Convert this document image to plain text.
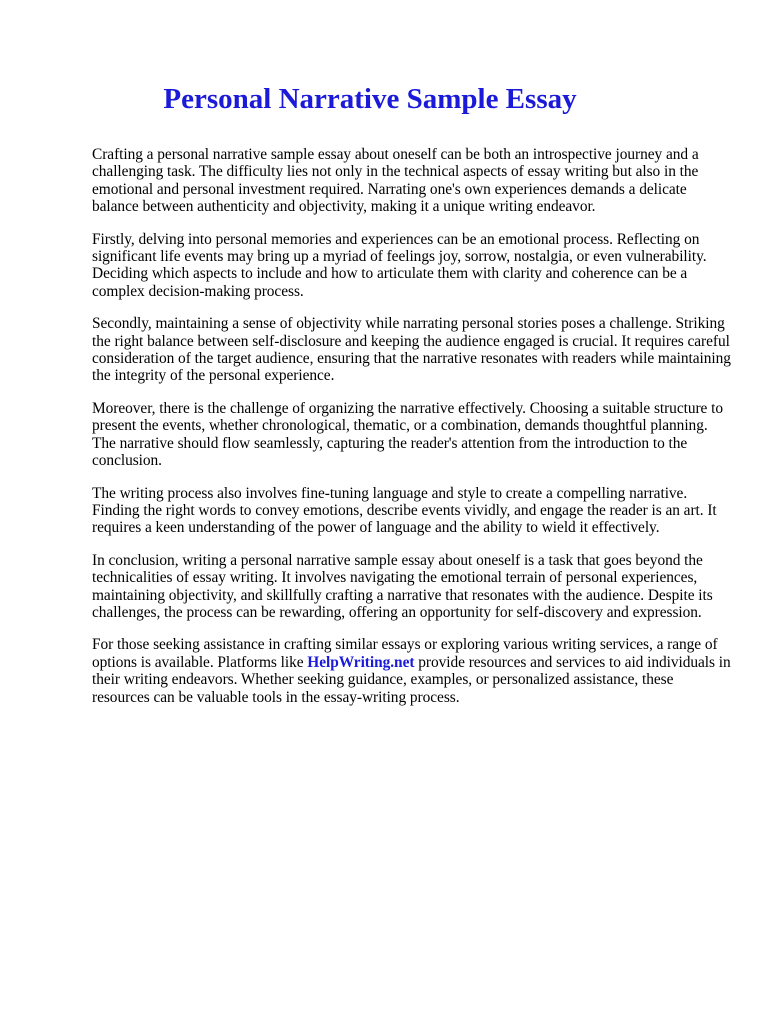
Personal Narrative Sample Essay

Crafting a personal narrative sample essay about oneself can be both an introspective journey and a challenging task. The difficulty lies not only in the technical aspects of essay writing but also in the emotional and personal investment required. Narrating one's own experiences demands a delicate balance between authenticity and objectivity, making it a unique writing endeavor.

Firstly, delving into personal memories and experiences can be an emotional process. Reflecting on significant life events may bring up a myriad of feelings joy, sorrow, nostalgia, or even vulnerability. Deciding which aspects to include and how to articulate them with clarity and coherence can be a complex decision-making process.

Secondly, maintaining a sense of objectivity while narrating personal stories poses a challenge. Striking the right balance between self-disclosure and keeping the audience engaged is crucial. It requires careful consideration of the target audience, ensuring that the narrative resonates with readers while maintaining the integrity of the personal experience.

Moreover, there is the challenge of organizing the narrative effectively. Choosing a suitable structure to present the events, whether chronological, thematic, or a combination, demands thoughtful planning. The narrative should flow seamlessly, capturing the reader's attention from the introduction to the conclusion.

The writing process also involves fine-tuning language and style to create a compelling narrative. Finding the right words to convey emotions, describe events vividly, and engage the reader is an art. It requires a keen understanding of the power of language and the ability to wield it effectively.

In conclusion, writing a personal narrative sample essay about oneself is a task that goes beyond the technicalities of essay writing. It involves navigating the emotional terrain of personal experiences, maintaining objectivity, and skillfully crafting a narrative that resonates with the audience. Despite its challenges, the process can be rewarding, offering an opportunity for self-discovery and expression.

For those seeking assistance in crafting similar essays or exploring various writing services, a range of options is available. Platforms like HelpWriting.net provide resources and services to aid individuals in their writing endeavors. Whether seeking guidance, examples, or personalized assistance, these resources can be valuable tools in the essay-writing process.
